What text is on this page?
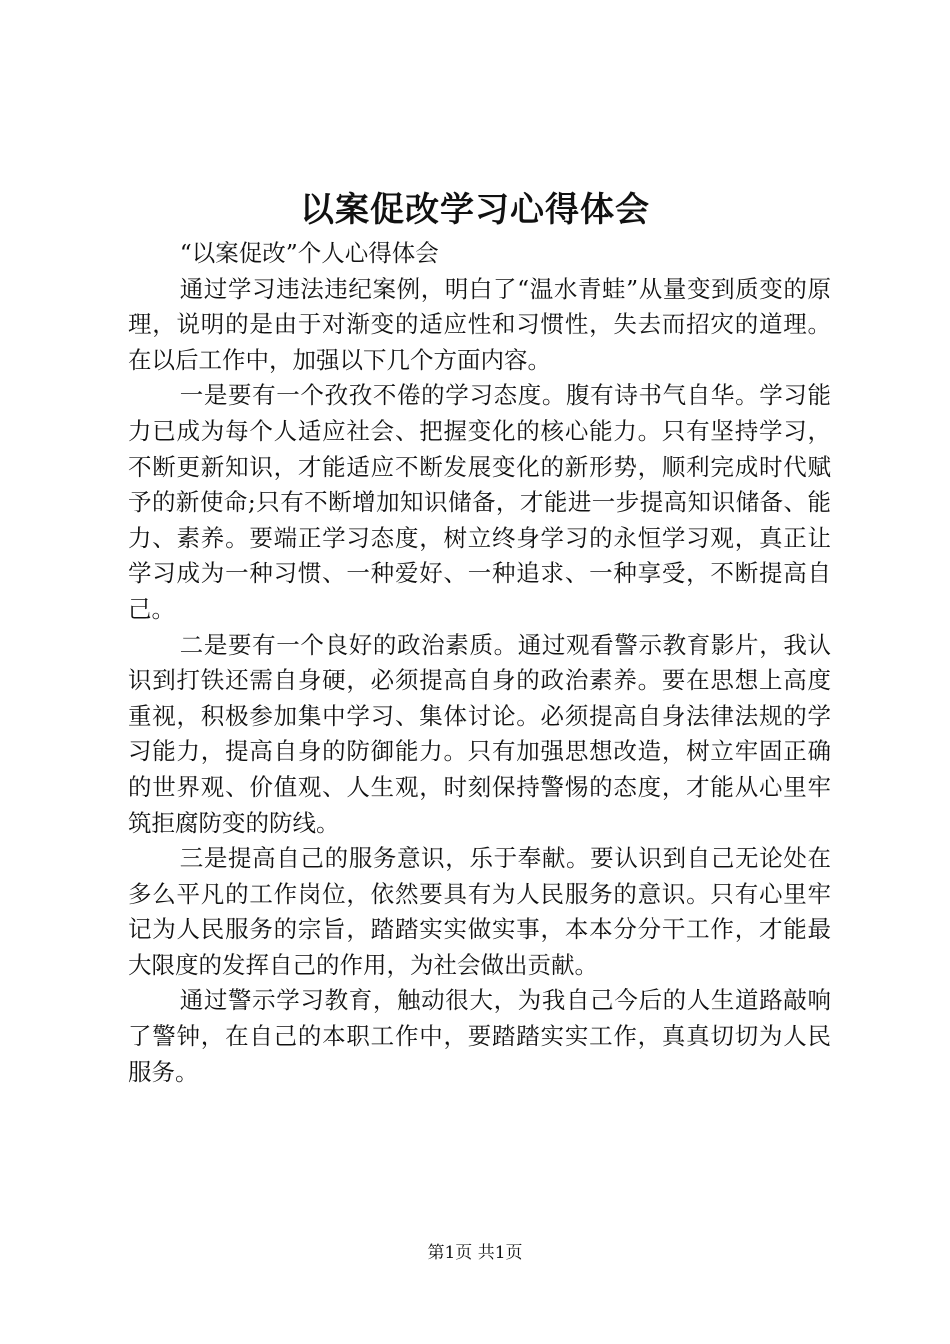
以案促改学习心得体会

“以案促改”个人心得体会

通过学习违法违纪案例，明白了“温水青蛙”从量变到质变的原理，说明的是由于对渐变的适应性和习惯性，失去而招灾的道理。在以后工作中，加强以下几个方面内容。

一是要有一个孜孜不倦的学习态度。腹有诗书气自华。学习能力已成为每个人适应社会、把握变化的核心能力。只有坚持学习，不断更新知识，才能适应不断发展变化的新形势，顺利完成时代赋予的新使命;只有不断增加知识储备，才能进一步提高知识储备、能力、素养。要端正学习态度，树立终身学习的永恒学习观，真正让学习成为一种习惯、一种爱好、一种追求、一种享受，不断提高自己。

二是要有一个良好的政治素质。通过观看警示教育影片，我认识到打铁还需自身硬，必须提高自身的政治素养。要在思想上高度重视，积极参加集中学习、集体讨论。必须提高自身法律法规的学习能力，提高自身的防御能力。只有加强思想改造，树立牢固正确的世界观、价值观、人生观，时刻保持警惕的态度，才能从心里牢筑拒腐防变的防线。

三是提高自己的服务意识，乐于奉献。要认识到自己无论处在多么平凡的工作岗位，依然要具有为人民服务的意识。只有心里牢记为人民服务的宗旨，踏踏实实做实事，本本分分干工作，才能最大限度的发挥自己的作用，为社会做出贡献。

通过警示学习教育，触动很大，为我自己今后的人生道路敲响了警钟，在自己的本职工作中，要踏踏实实工作，真真切切为人民服务。

第1页 共1页
